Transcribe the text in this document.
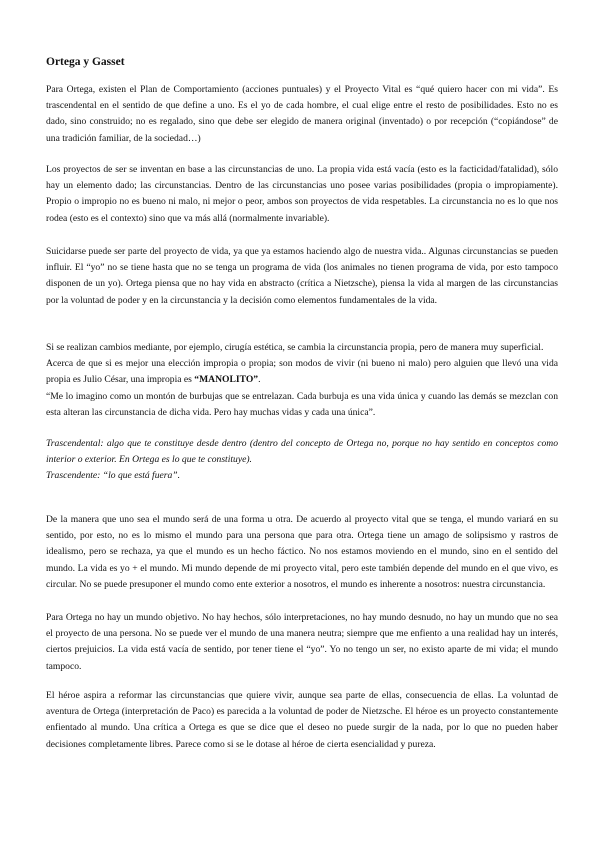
Ortega y Gasset

Para Ortega, existen el Plan de Comportamiento (acciones puntuales) y el Proyecto Vital es “qué quiero hacer con mi vida”. Es trascendental en el sentido de que define a uno. Es el yo de cada hombre, el cual elige entre el resto de posibilidades. Esto no es dado, sino construido; no es regalado, sino que debe ser elegido de manera original (inventado) o por recepción (“copiándose” de una tradición familiar, de la sociedad…)

Los proyectos de ser se inventan en base a las circunstancias de uno. La propia vida está vacía (esto es la facticidad/fatalidad), sólo hay un elemento dado; las circunstancias. Dentro de las circunstancias uno posee varias posibilidades (propia o impropiamente). Propio o impropio no es bueno ni malo, ni mejor o peor, ambos son proyectos de vida respetables. La circunstancia no es lo que nos rodea (esto es el contexto) sino que va más allá (normalmente invariable).

Suicidarse puede ser parte del proyecto de vida, ya que ya estamos haciendo algo de nuestra vida.. Algunas circunstancias se pueden influir. El “yo” no se tiene hasta que no se tenga un programa de vida (los animales no tienen programa de vida, por esto tampoco disponen de un yo). Ortega piensa que no hay vida en abstracto (crítica a Nietzsche), piensa la vida al margen de las circunstancias por la voluntad de poder y en la circunstancia y la decisión como elementos fundamentales de la vida.

Si se realizan cambios mediante, por ejemplo, cirugía estética, se cambia la circunstancia propia, pero de manera muy superficial.

Acerca de que si es mejor una elección impropia o propia; son modos de vivir (ni bueno ni malo) pero alguien que llevó una vida propia es Julio César, una impropia es “MANOLITO”.

“Me lo imagino como un montón de burbujas que se entrelazan. Cada burbuja es una vida única y cuando las demás se mezclan con esta alteran las circunstancia de dicha vida. Pero hay muchas vidas y cada una única”.

Trascendental: algo que te constituye desde dentro (dentro del concepto de Ortega no, porque no hay sentido en conceptos como interior o exterior. En Ortega es lo que te constituye).

Trascendente: “lo que está fuera”.

De la manera que uno sea el mundo será de una forma u otra. De acuerdo al proyecto vital que se tenga, el mundo variará en su sentido, por esto, no es lo mismo el mundo para una persona que para otra. Ortega tiene un amago de solipsismo y rastros de idealismo, pero se rechaza, ya que el mundo es un hecho fáctico. No nos estamos moviendo en el mundo, sino en el sentido del mundo. La vida es yo + el mundo. Mi mundo depende de mi proyecto vital, pero este también depende del mundo en el que vivo, es circular. No se puede presuponer el mundo como ente exterior a nosotros, el mundo es inherente a nosotros: nuestra circunstancia.

Para Ortega no hay un mundo objetivo. No hay hechos, sólo interpretaciones, no hay mundo desnudo, no hay un mundo que no sea el proyecto de una persona. No se puede ver el mundo de una manera neutra; siempre que me enfiento a una realidad hay un interés, ciertos prejuicios. La vida está vacía de sentido, por tener tiene el “yo”. Yo no tengo un ser, no existo aparte de mi vida; el mundo tampoco.

El héroe aspira a reformar las circunstancias que quiere vivir, aunque sea parte de ellas, consecuencia de ellas. La voluntad de aventura de Ortega (interpretación de Paco) es parecida a la voluntad de poder de Nietzsche. El héroe es un proyecto constantemente enfientado al mundo. Una crítica a Ortega es que se dice que el deseo no puede surgir de la nada, por lo que no pueden haber decisiones completamente libres. Parece como si se le dotase al héroe de cierta esencialidad y pureza.
